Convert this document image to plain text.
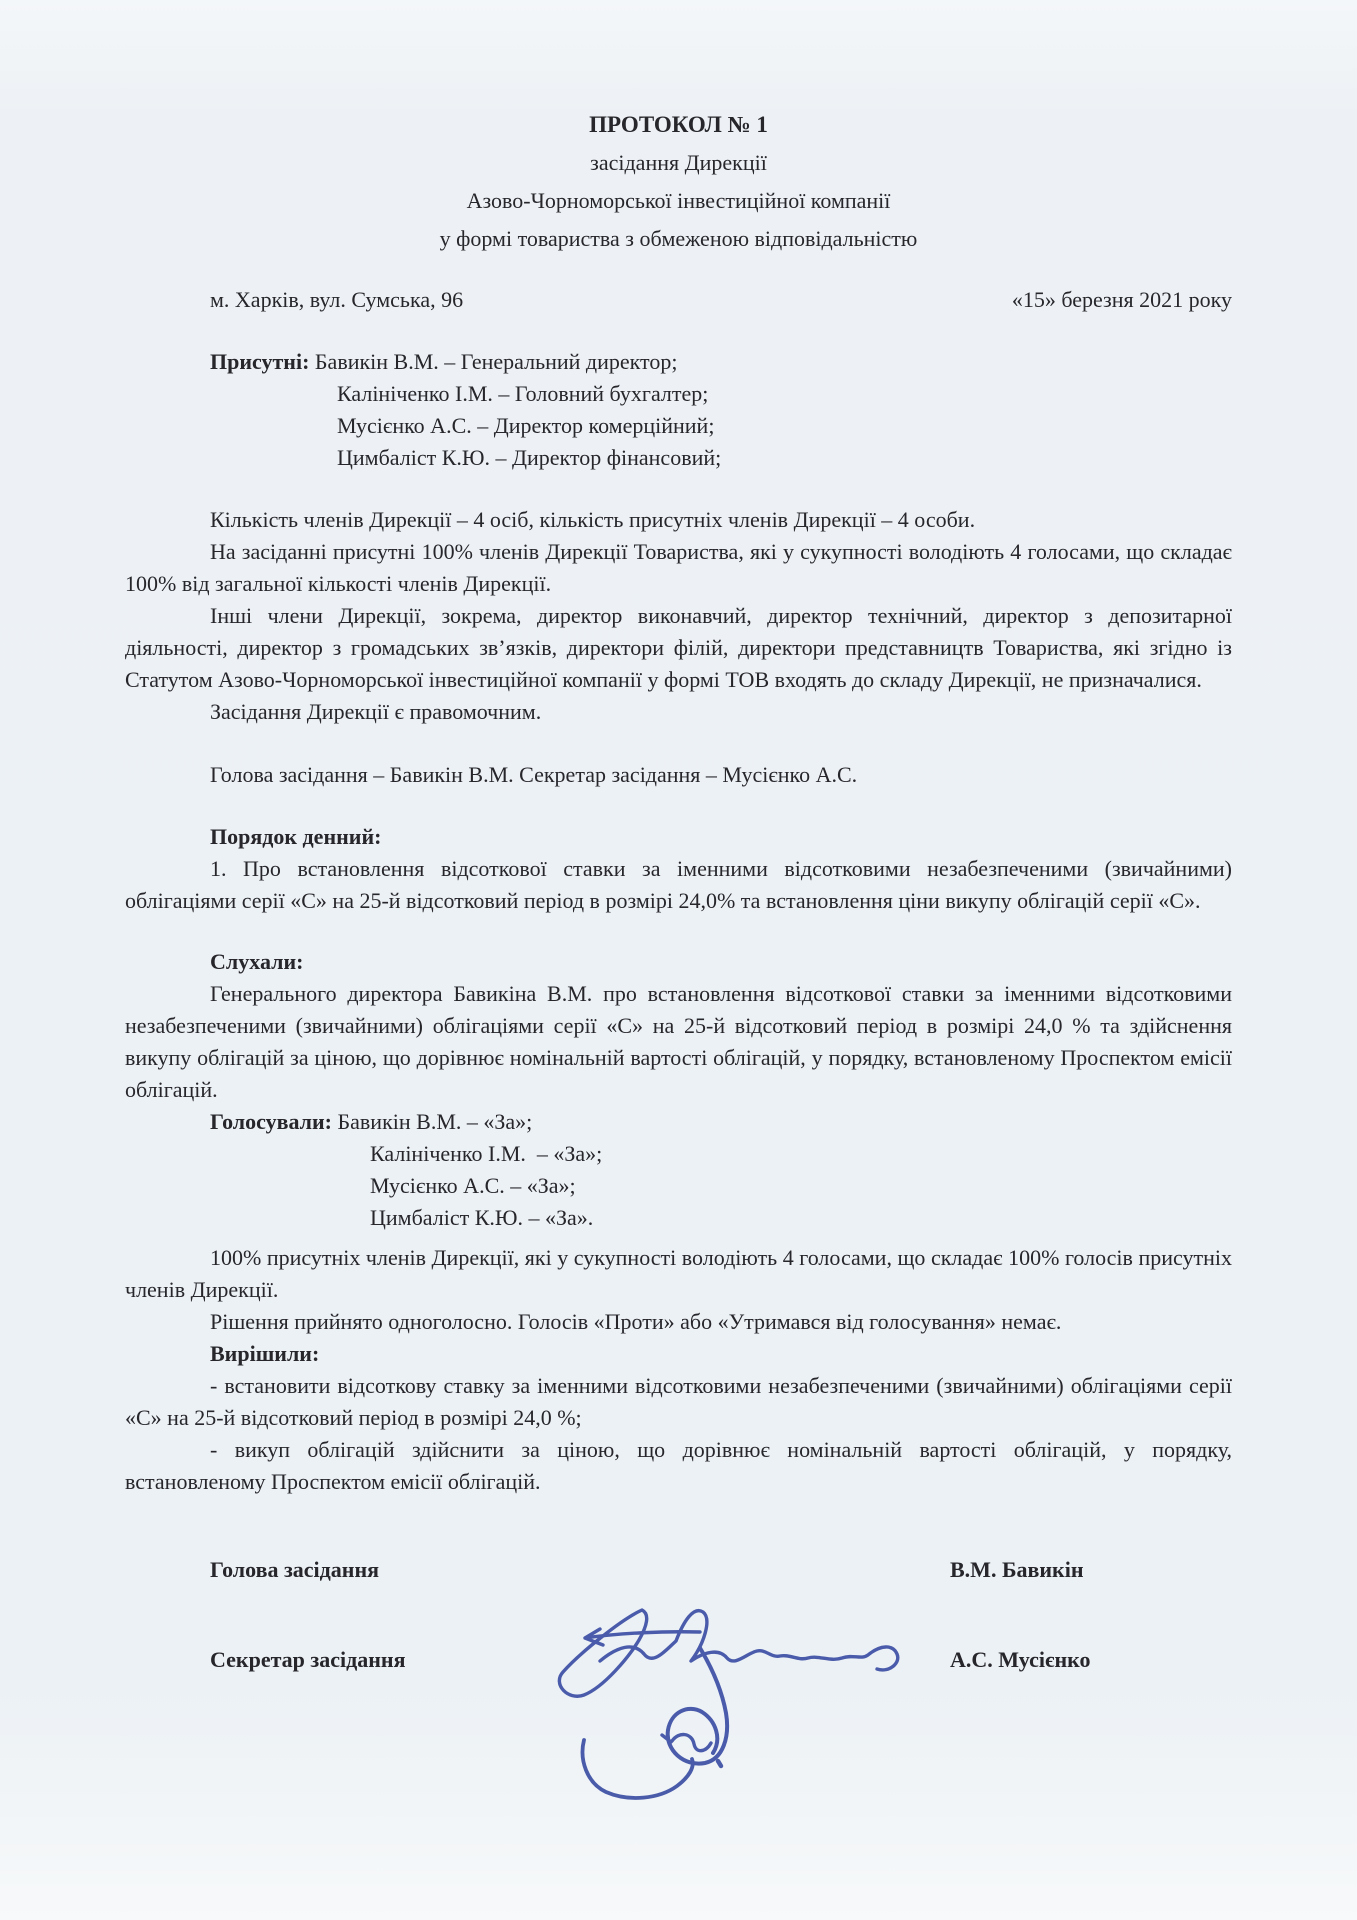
ПРОТОКОЛ № 1
засідання Дирекції
Азово-Чорноморської інвестиційної компанії
у формі товариства з обмеженою відповідальністю
м. Харків, вул. Сумська, 96	«15» березня 2021 року
Присутні: Бавикін В.М. – Генеральний директор;
Калініченко І.М. – Головний бухгалтер;
Мусієнко А.С. – Директор комерційний;
Цимбаліст К.Ю. – Директор фінансовий;
Кількість членів Дирекції – 4 осіб, кількість присутніх членів Дирекції – 4 особи.
На засіданні присутні 100% членів Дирекції Товариства, які у сукупності володіють 4 голосами, що складає 100% від загальної кількості членів Дирекції.
Інші члени Дирекції, зокрема, директор виконавчий, директор технічний, директор з депозитарної діяльності, директор з громадських зв’язків, директори філій, директори представництв Товариства, які згідно із Статутом Азово-Чорноморської інвестиційної компанії у формі ТОВ входять до складу Дирекції, не призначалися.
Засідання Дирекції є правомочним.
Голова засідання – Бавикін В.М. Секретар засідання – Мусієнко А.С.
Порядок денний:
1. Про встановлення відсоткової ставки за іменними відсотковими незабезпеченими (звичайними) облігаціями серії «С» на 25-й відсотковий період в розмірі 24,0% та встановлення ціни викупу облігацій серії «С».
Слухали:
Генерального директора Бавикіна В.М. про встановлення відсоткової ставки за іменними відсотковими незабезпеченими (звичайними) облігаціями серії «С» на 25-й відсотковий період в розмірі 24,0 % та здійснення викупу облігацій за ціною, що дорівнює номінальній вартості облігацій, у порядку, встановленому Проспектом емісії облігацій.
Голосували: Бавикін В.М. – «За»;
Калініченко І.М.  – «За»;
Мусієнко А.С. – «За»;
Цимбаліст К.Ю. – «За».
100% присутніх членів Дирекції, які у сукупності володіють 4 голосами, що складає 100% голосів присутніх членів Дирекції.
Рішення прийнято одноголосно. Голосів «Проти» або «Утримався від голосування» немає.
Вирішили:
- встановити відсоткову ставку за іменними відсотковими незабезпеченими (звичайними) облігаціями серії «С» на 25-й відсотковий період в розмірі 24,0 %;
- викуп облігацій здійснити за ціною, що дорівнює номінальній вартості облігацій, у порядку, встановленому Проспектом емісії облігацій.
Голова засідання	В.М. Бавикін
Секретар засідання	А.С. Мусієнко
